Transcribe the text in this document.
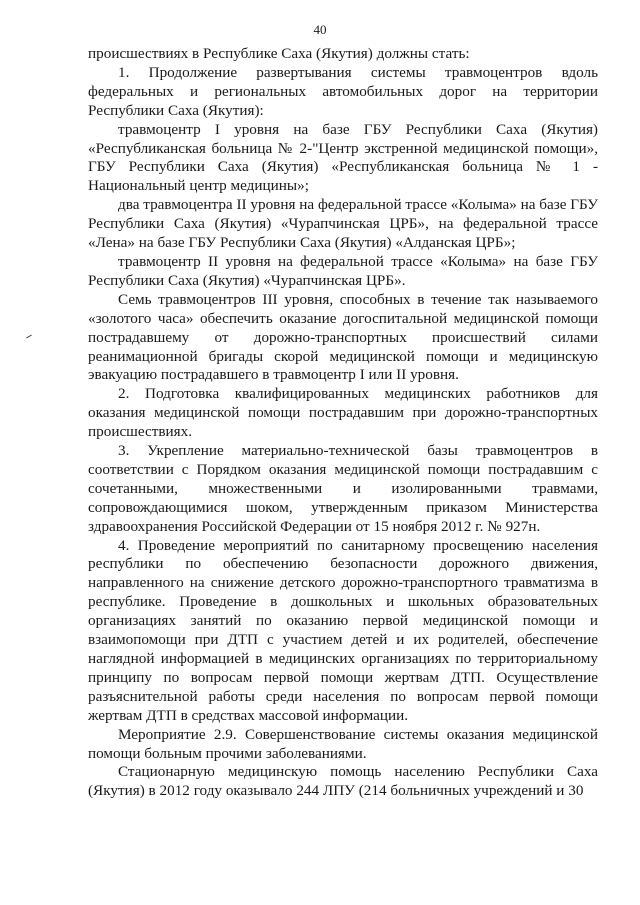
40

происшествиях в Республике Саха (Якутия) должны стать:

1. Продолжение развертывания системы травмоцентров вдоль федеральных и региональных автомобильных дорог на территории Республики Саха (Якутия):

травмоцентр I уровня на базе ГБУ Республики Саха (Якутия) «Республиканская больница № 2-"Центр экстренной медицинской помощи», ГБУ Республики Саха (Якутия) «Республиканская больница № 1 - Национальный центр медицины»;

два травмоцентра II уровня на федеральной трассе «Колыма» на базе ГБУ Республики Саха (Якутия) «Чурапчинская ЦРБ», на федеральной трассе «Лена» на базе ГБУ Республики Саха (Якутия) «Алданская ЦРБ»;

травмоцентр II уровня на федеральной трассе «Колыма» на базе ГБУ Республики Саха (Якутия) «Чурапчинская ЦРБ».

Семь травмоцентров III уровня, способных в течение так называемого «золотого часа» обеспечить оказание догоспитальной медицинской помощи пострадавшему от дорожно-транспортных происшествий силами реанимационной бригады скорой медицинской помощи и медицинскую эвакуацию пострадавшего в травмоцентр I или II уровня.

2. Подготовка квалифицированных медицинских работников для оказания медицинской помощи пострадавшим при дорожно-транспортных происшествиях.

3. Укрепление материально-технической базы травмоцентров в соответствии с Порядком оказания медицинской помощи пострадавшим с сочетанными, множественными и изолированными травмами, сопровождающимися шоком, утвержденным приказом Министерства здравоохранения Российской Федерации от 15 ноября 2012 г. № 927н.

4. Проведение мероприятий по санитарному просвещению населения республики по обеспечению безопасности дорожного движения, направленного на снижение детского дорожно-транспортного травматизма в республике. Проведение в дошкольных и школьных образовательных организациях занятий по оказанию первой медицинской помощи и взаимопомощи при ДТП с участием детей и их родителей, обеспечение наглядной информацией в медицинских организациях по территориальному принципу по вопросам первой помощи жертвам ДТП. Осуществление разъяснительной работы среди населения по вопросам первой помощи жертвам ДТП в средствах массовой информации.

Мероприятие 2.9. Совершенствование системы оказания медицинской помощи больным прочими заболеваниями.

Стационарную медицинскую помощь населению Республики Саха (Якутия) в 2012 году оказывало 244 ЛПУ (214 больничных учреждений и 30
